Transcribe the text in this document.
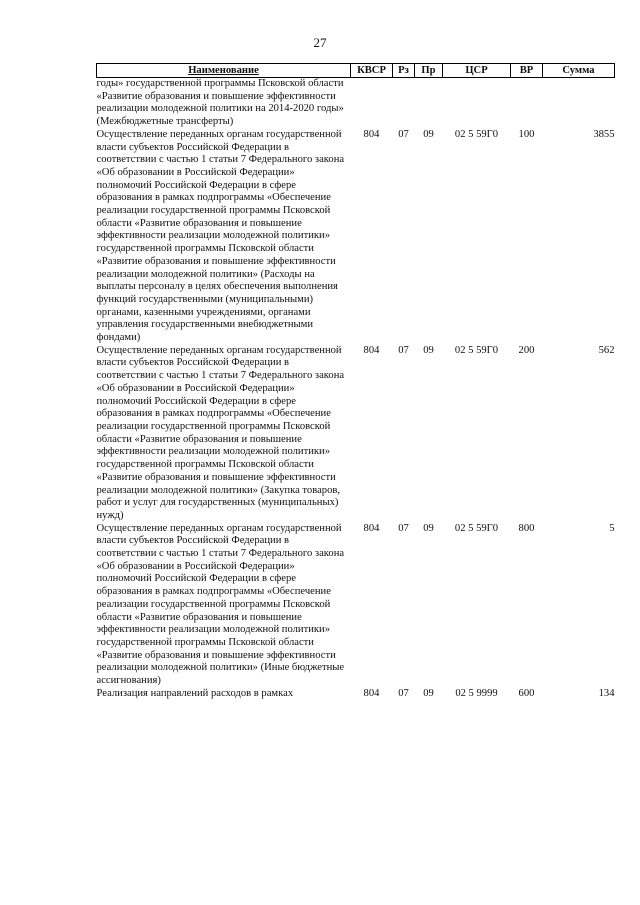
27
Наименование	КВСР	Рз	Пр	ЦСР	ВР	Сумма
годы» государственной программы Псковской области «Развитие образования и повышение эффективности реализации молодежной политики на 2014-2020 годы» (Межбюджетные трансферты)						
Осуществление переданных органам государственной власти субъектов Российской Федерации в соответствии с частью 1 статьи 7 Федерального закона «Об образовании в Российской Федерации» полномочий Российской Федерации в сфере образования в рамках подпрограммы «Обеспечение реализации государственной программы Псковской области «Развитие образования и повышение эффективности реализации молодежной политики» государственной программы Псковской области «Развитие образования и повышение эффективности реализации молодежной политики» (Расходы на выплаты персоналу в целях обеспечения выполнения функций государственными (муниципальными) органами, казенными учреждениями, органами управления государственными внебюджетными фондами)	804	07	09	02 5 59Г0	100	3855
Осуществление переданных органам государственной власти субъектов Российской Федерации в соответствии с частью 1 статьи 7 Федерального закона «Об образовании в Российской Федерации» полномочий Российской Федерации в сфере образования в рамках подпрограммы «Обеспечение реализации государственной программы Псковской области «Развитие образования и повышение эффективности реализации молодежной политики» государственной программы Псковской области «Развитие образования и повышение эффективности реализации молодежной политики» (Закупка товаров, работ и услуг для государственных (муниципальных) нужд)	804	07	09	02 5 59Г0	200	562
Осуществление переданных органам государственной власти субъектов Российской Федерации в соответствии с частью 1 статьи 7 Федерального закона «Об образовании в Российской Федерации» полномочий Российской Федерации в сфере образования в рамках подпрограммы «Обеспечение реализации государственной программы Псковской области «Развитие образования и повышение эффективности реализации молодежной политики» государственной программы Псковской области «Развитие образования и повышение эффективности реализации молодежной политики» (Иные бюджетные ассигнования)	804	07	09	02 5 59Г0	800	5
Реализация направлений расходов в рамках	804	07	09	02 5 9999	600	134
